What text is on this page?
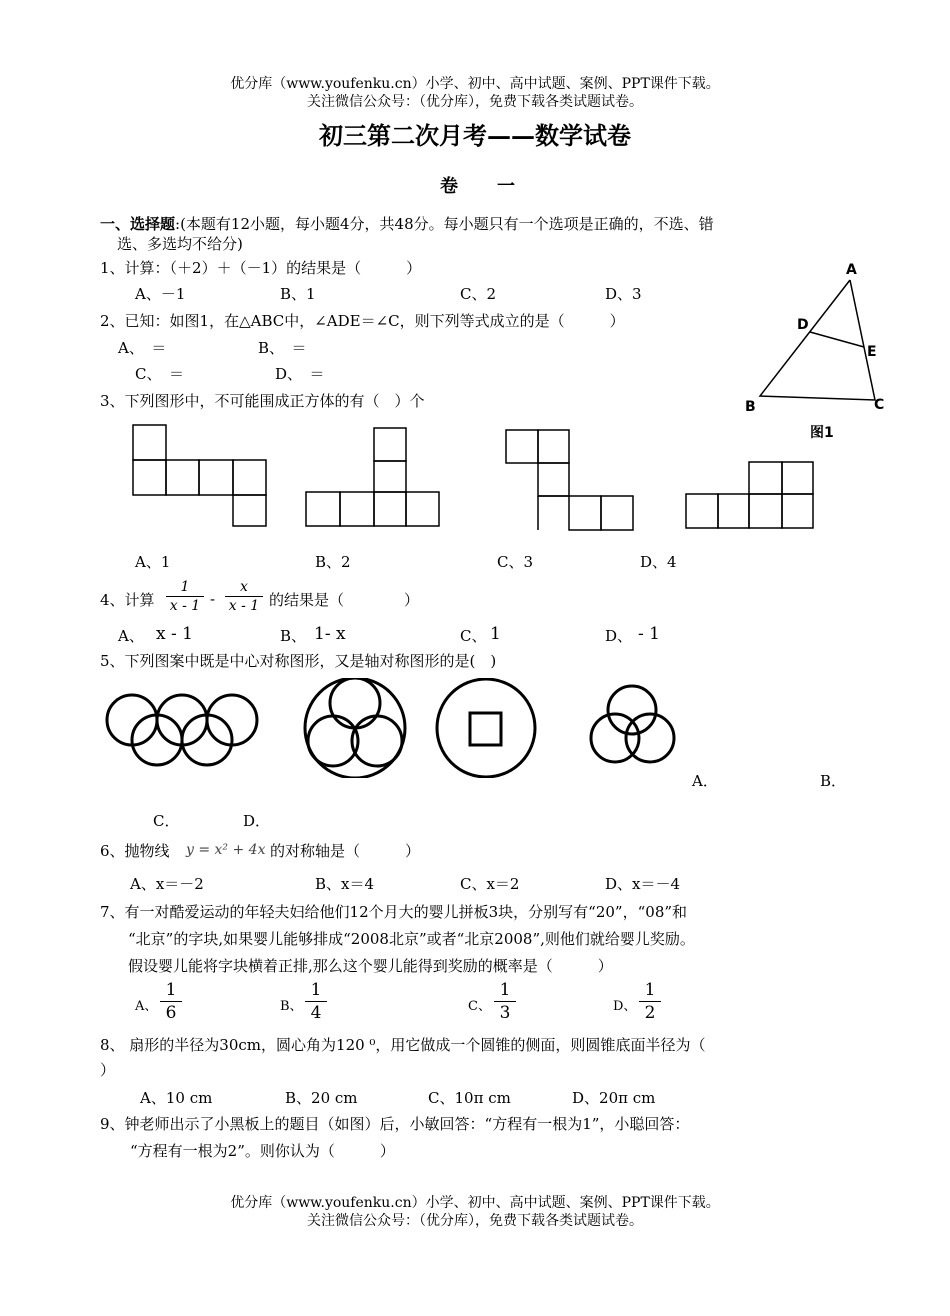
优分库（www.youfenku.cn）小学、初中、高中试题、案例、PPT课件下载。
关注微信公众号：（优分库），免费下载各类试题试卷。
初三第二次月考——数学试卷
卷 一
一、选择题:(本题有12小题，每小题4分，共48分。每小题只有一个选项是正确的，不选、错
选、多选均不给分)
1、计算：（＋2）＋（－1）的结果是（　　　）
A、－1	B、1	C、2	D、3
2、已知：如图1，在△ABC中，∠ADE＝∠C，则下列等式成立的是（　　　）
A、　＝	B、　＝
C、　＝	D、　＝
A
D
E
B	C
图1
3、下列图形中，不可能围成正方体的有（　）个
A、1	B、2	C、3	D、4
4、计算
1
x - 1 -
x
x - 1 的结果是（　　　　）
A、 x - 1	B、 1- x	C、 1	D、 - 1
5、下列图案中既是中心对称图形，又是轴对称图形的是(　)
A．	B．
C．	D．
6、抛物线 y = x² + 4x 的对称轴是（　　　）
A、x＝－2	B、x＝4	C、x＝2	D、x＝－4
7、有一对酷爱运动的年轻夫妇给他们12个月大的婴儿拼板3块，分别写有“20”，“08”和
“北京”的字块,如果婴儿能够排成“2008北京”或者“北京2008”,则他们就给婴儿奖励。
假设婴儿能将字块横着正排,那么这个婴儿能得到奖励的概率是（　　　）
A、
1
6	B、
1
4	C、
1
3	D、
1
2
8、 扇形的半径为30cm，圆心角为120 ⁰，用它做成一个圆锥的侧面，则圆锥底面半径为（
）
A、10 cm	B、20 cm	C、10π cm	D、20π cm
9、钟老师出示了小黑板上的题目（如图）后，小敏回答：“方程有一根为1”，小聪回答：
“方程有一根为2”。则你认为（　　　）
优分库（www.youfenku.cn）小学、初中、高中试题、案例、PPT课件下载。
关注微信公众号：（优分库），免费下载各类试题试卷。
